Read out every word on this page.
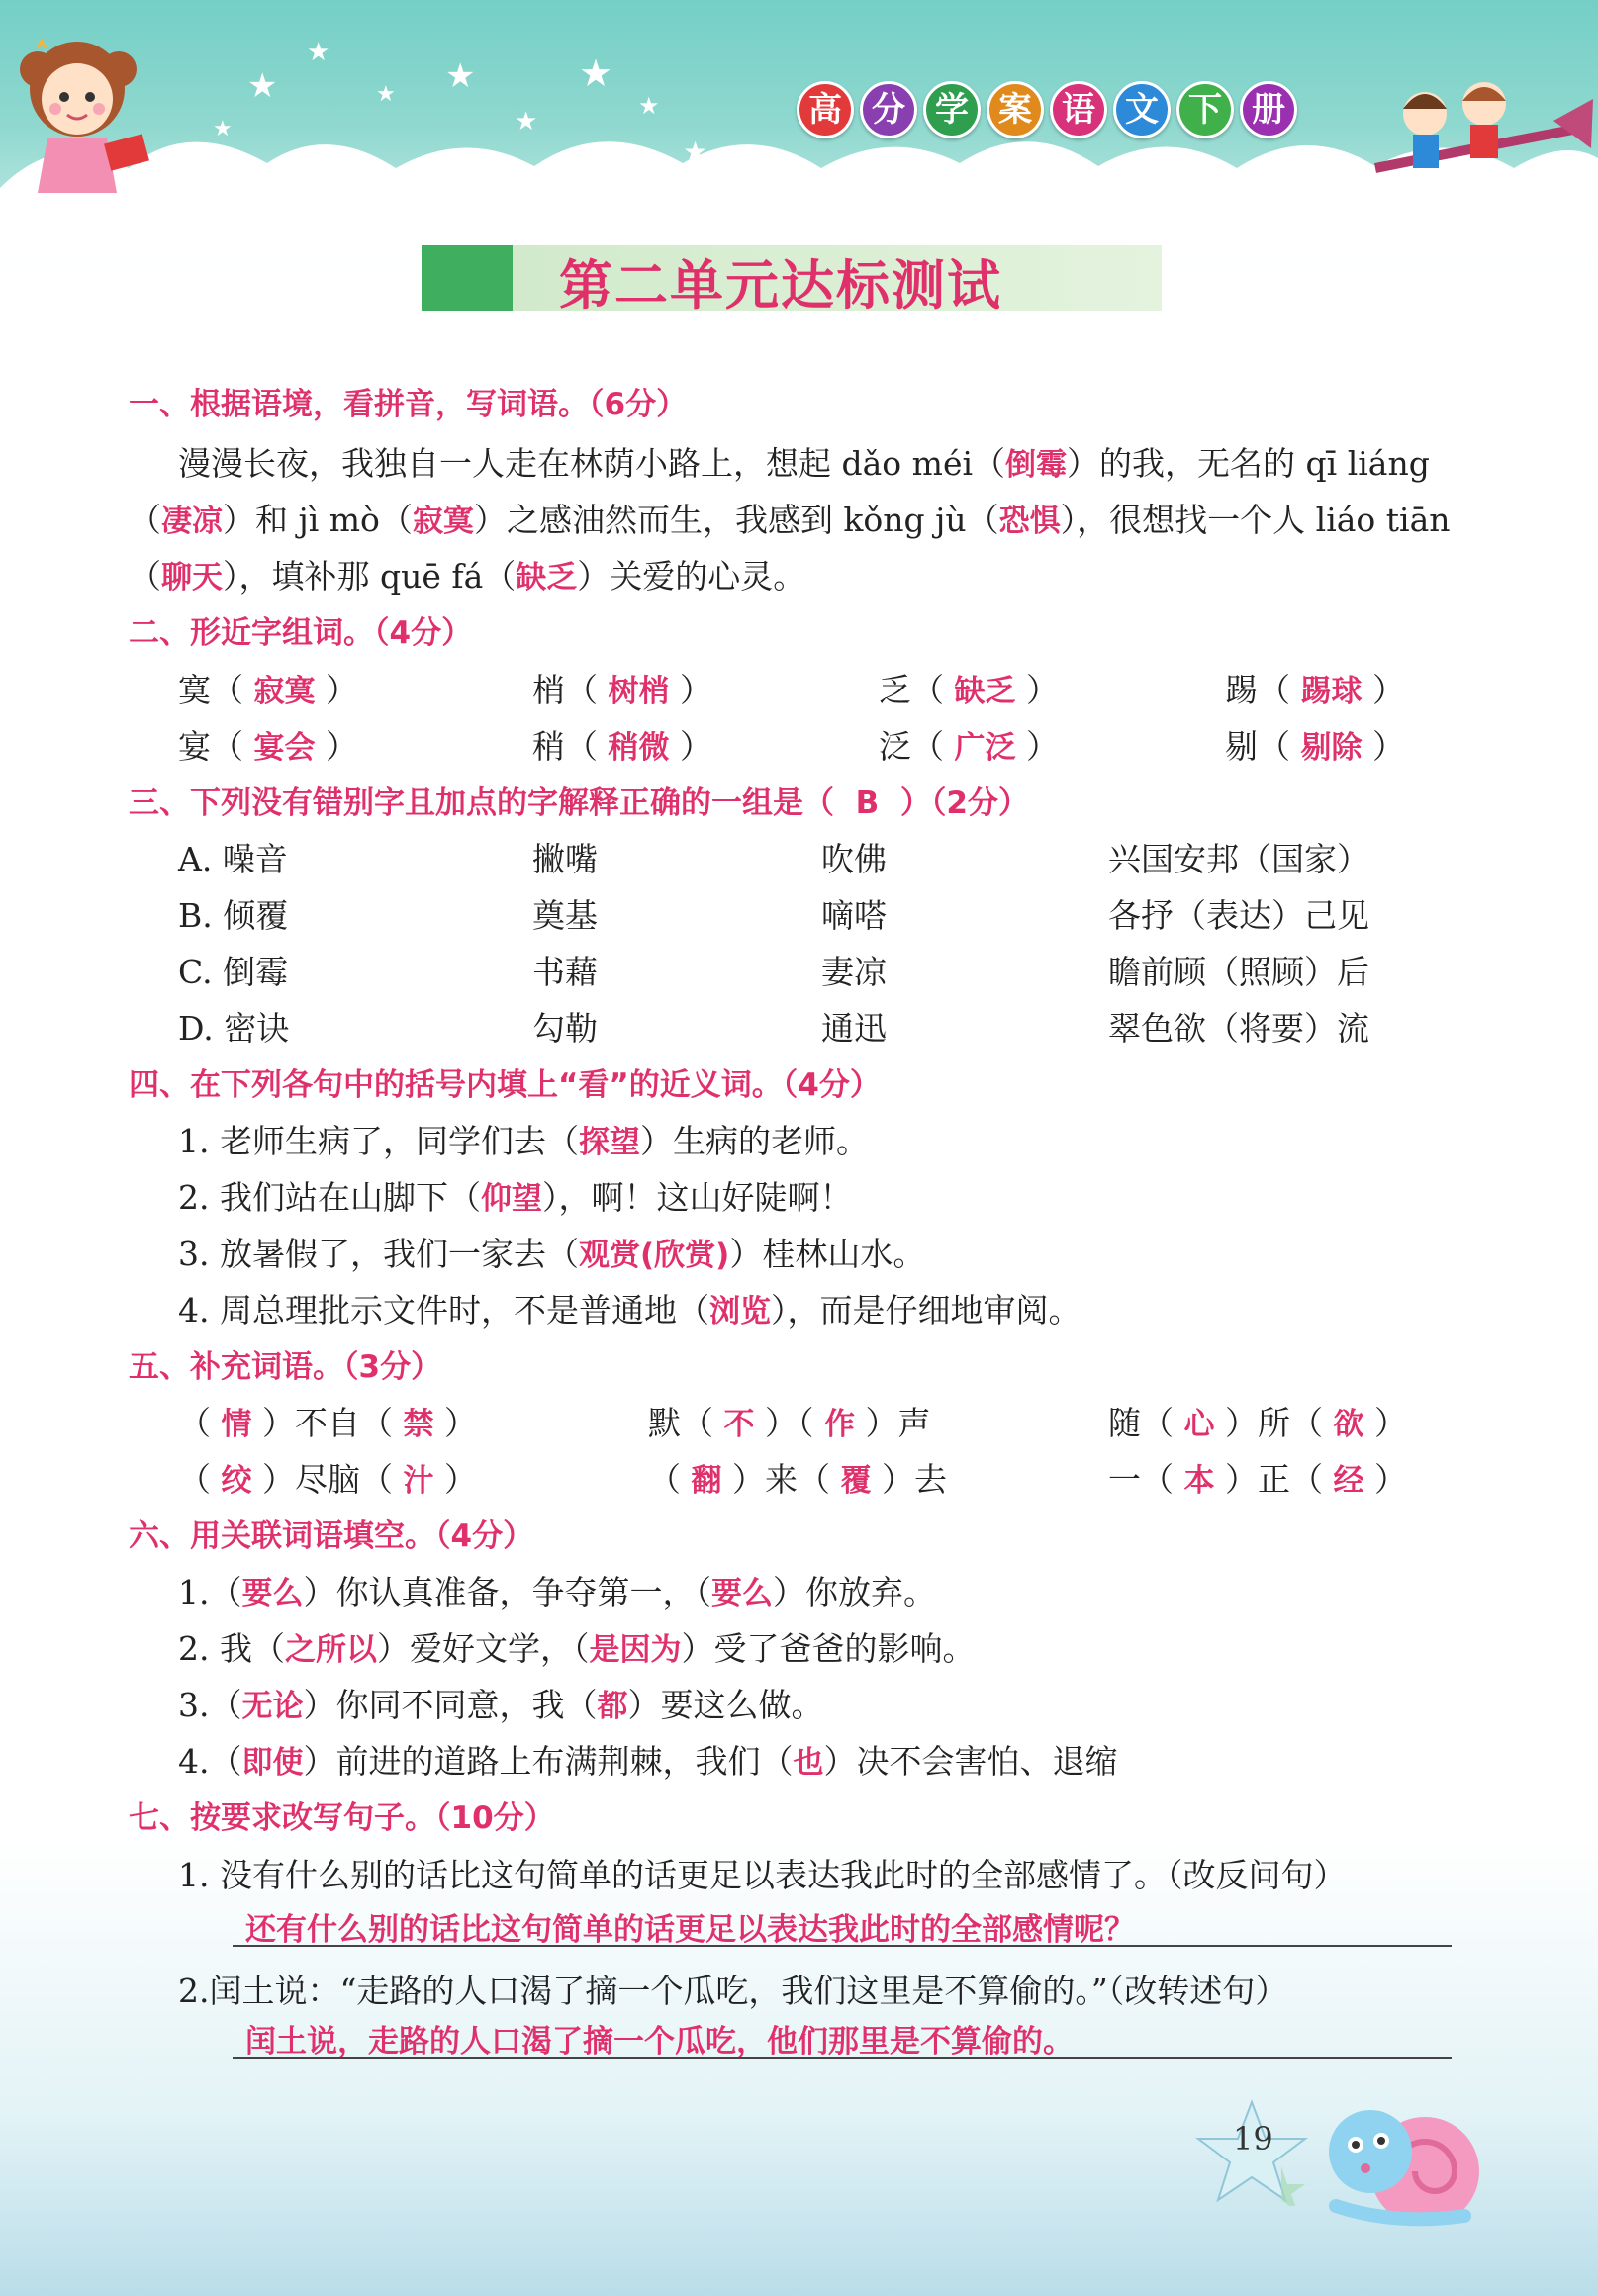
★
★
★ ★
★
★
★
★
★
高 分 学 案 语 文 下 册
第二单元达标测试
一、根据语境，看拼音，写词语。（6分）
漫漫长夜，我独自一人走在林荫小路上，想起 dǎo méi（倒霉）的我，无名的 qī liáng
（凄凉）和 jì mò（寂寞）之感油然而生，我感到 kǒng jù（恐惧），很想找一个人 liáo tiān
（聊天），填补那 quē fá（缺乏）关爱的心灵。
二、形近字组词。（4分）
寞（ 寂寞 ）	梢（ 树梢 ）	乏（ 缺乏 ）	踢（ 踢球 ）
宴（ 宴会 ）	稍（ 稍微 ）	泛（ 广泛 ）	剔（ 剔除 ）
三、下列没有错别字且加点的字解释正确的一组是（ B ）（2分）
A. 噪音	撇嘴	吹佛	兴国安邦（国家）
B. 倾覆	奠基	嘀嗒	各抒（表达）己见
C. 倒霉	书藉	妻凉	瞻前顾（照顾）后
D. 密诀	勾勒	通迅	翠色欲（将要）流
四、在下列各句中的括号内填上“看”的近义词。（4分）
1. 老师生病了，同学们去（探望）生病的老师。
2. 我们站在山脚下（仰望），啊！这山好陡啊！
3. 放暑假了，我们一家去（观赏(欣赏)）桂林山水。
4. 周总理批示文件时，不是普通地（浏览），而是仔细地审阅。
五、补充词语。（3分）
（ 情 ）不自（ 禁 ）	默（ 不 ）（ 作 ）声	随（ 心 ）所（ 欲 ）
（ 绞 ）尽脑（ 汁 ）	（ 翻 ）来（ 覆 ）去	一（ 本 ）正（ 经 ）
六、用关联词语填空。（4分）
1.（要么）你认真准备，争夺第一，（要么）你放弃。
2. 我（之所以）爱好文学，（是因为）受了爸爸的影响。
3.（无论）你同不同意，我（都）要这么做。
4.（即使）前进的道路上布满荆棘，我们（也）决不会害怕、退缩
七、按要求改写句子。（10分）
1. 没有什么别的话比这句简单的话更足以表达我此时的全部感情了。（改反问句）
还有什么别的话比这句简单的话更足以表达我此时的全部感情呢？
2.闰土说：“走路的人口渴了摘一个瓜吃，我们这里是不算偷的。”（改转述句）
闰土说，走路的人口渴了摘一个瓜吃，他们那里是不算偷的。
19
